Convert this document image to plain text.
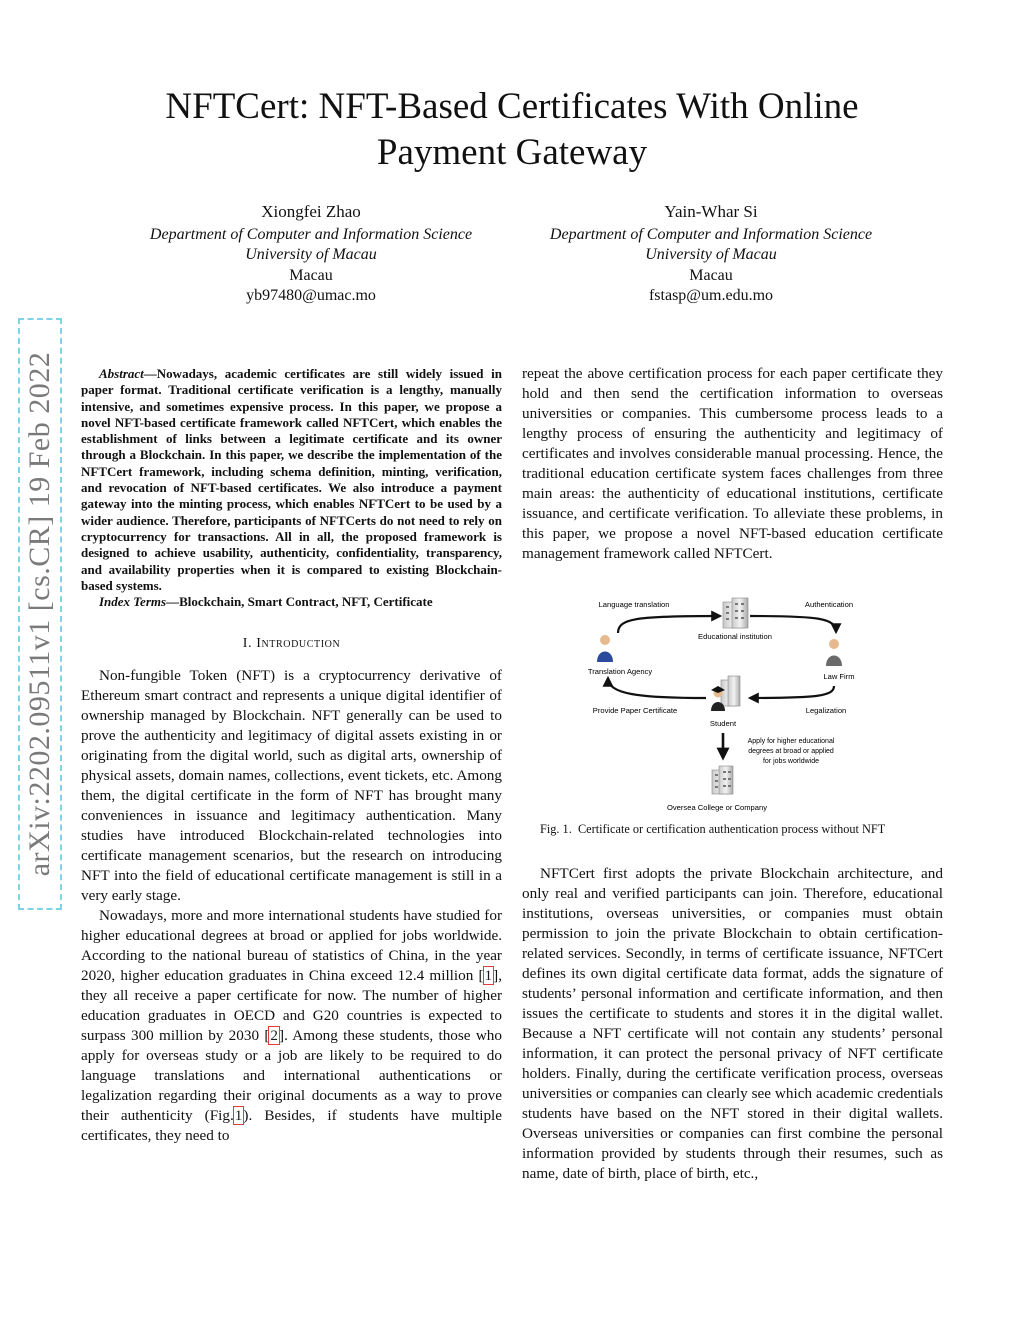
arXiv:2202.09511v1 [cs.CR] 19 Feb 2022
NFTCert: NFT-Based Certificates With Online Payment Gateway
Xiongfei Zhao
Department of Computer and Information Science
University of Macau
Macau
yb97480@umac.mo
Yain-Whar Si
Department of Computer and Information Science
University of Macau
Macau
fstasp@um.edu.mo

Abstract—Nowadays, academic certificates are still widely issued in paper format. Traditional certificate verification is a lengthy, manually intensive, and sometimes expensive process. In this paper, we propose a novel NFT-based certificate framework called NFTCert, which enables the establishment of links between a legitimate certificate and its owner through a Blockchain. In this paper, we describe the implementation of the NFTCert framework, including schema definition, minting, verification, and revocation of NFT-based certificates. We also introduce a payment gateway into the minting process, which enables NFTCert to be used by a wider audience. Therefore, participants of NFTCerts do not need to rely on cryptocurrency for transactions. All in all, the proposed framework is designed to achieve usability, authenticity, confidentiality, transparency, and availability properties when it is compared to existing Blockchain-based systems.

Index Terms—Blockchain, Smart Contract, NFT, Certificate

I. Introduction

Non-fungible Token (NFT) is a cryptocurrency derivative of Ethereum smart contract and represents a unique digital identifier of ownership managed by Blockchain. NFT generally can be used to prove the authenticity and legitimacy of digital assets existing in or originating from the digital world, such as digital arts, ownership of physical assets, domain names, collections, event tickets, etc. Among them, the digital certificate in the form of NFT has brought many conveniences in issuance and legitimacy authentication. Many studies have introduced Blockchain-related technologies into certificate management scenarios, but the research on introducing NFT into the field of educational certificate management is still in a very early stage.

Nowadays, more and more international students have studied for higher educational degrees at broad or applied for jobs worldwide. According to the national bureau of statistics of China, in the year 2020, higher education graduates in China exceed 12.4 million [1], they all receive a paper certificate for now. The number of higher education graduates in OECD and G20 countries is expected to surpass 300 million by 2030 [2]. Among these students, those who apply for overseas study or a job are likely to be required to do language translations and international authentications or legalization regarding their original documents as a way to prove their authenticity (Fig.1). Besides, if students have multiple certificates, they need to

repeat the above certification process for each paper certificate they hold and then send the certification information to overseas universities or companies. This cumbersome process leads to a lengthy process of ensuring the authenticity and legitimacy of certificates and involves considerable manual processing. Hence, the traditional education certificate system faces challenges from three main areas: the authenticity of educational institutions, certificate issuance, and certificate verification. To alleviate these problems, in this paper, we propose a novel NFT-based education certificate management framework called NFTCert.

Educational institution
Language translation	Authentication
Translation Agency
Law Firm
Provide Paper Certificate	Legalization
Student
Apply for higher educational
degrees at broad or applied
for jobs worldwide
Oversea College or Company
Fig. 1. Certificate or certification authentication process without NFT

NFTCert first adopts the private Blockchain architecture, and only real and verified participants can join. Therefore, educational institutions, overseas universities, or companies must obtain permission to join the private Blockchain to obtain certification-related services. Secondly, in terms of certificate issuance, NFTCert defines its own digital certificate data format, adds the signature of students’ personal information and certificate information, and then issues the certificate to students and stores it in the digital wallet. Because a NFT certificate will not contain any students’ personal information, it can protect the personal privacy of NFT certificate holders. Finally, during the certificate verification process, overseas universities or companies can clearly see which academic credentials students have based on the NFT stored in their digital wallets. Overseas universities or companies can first combine the personal information provided by students through their resumes, such as name, date of birth, place of birth, etc.,
